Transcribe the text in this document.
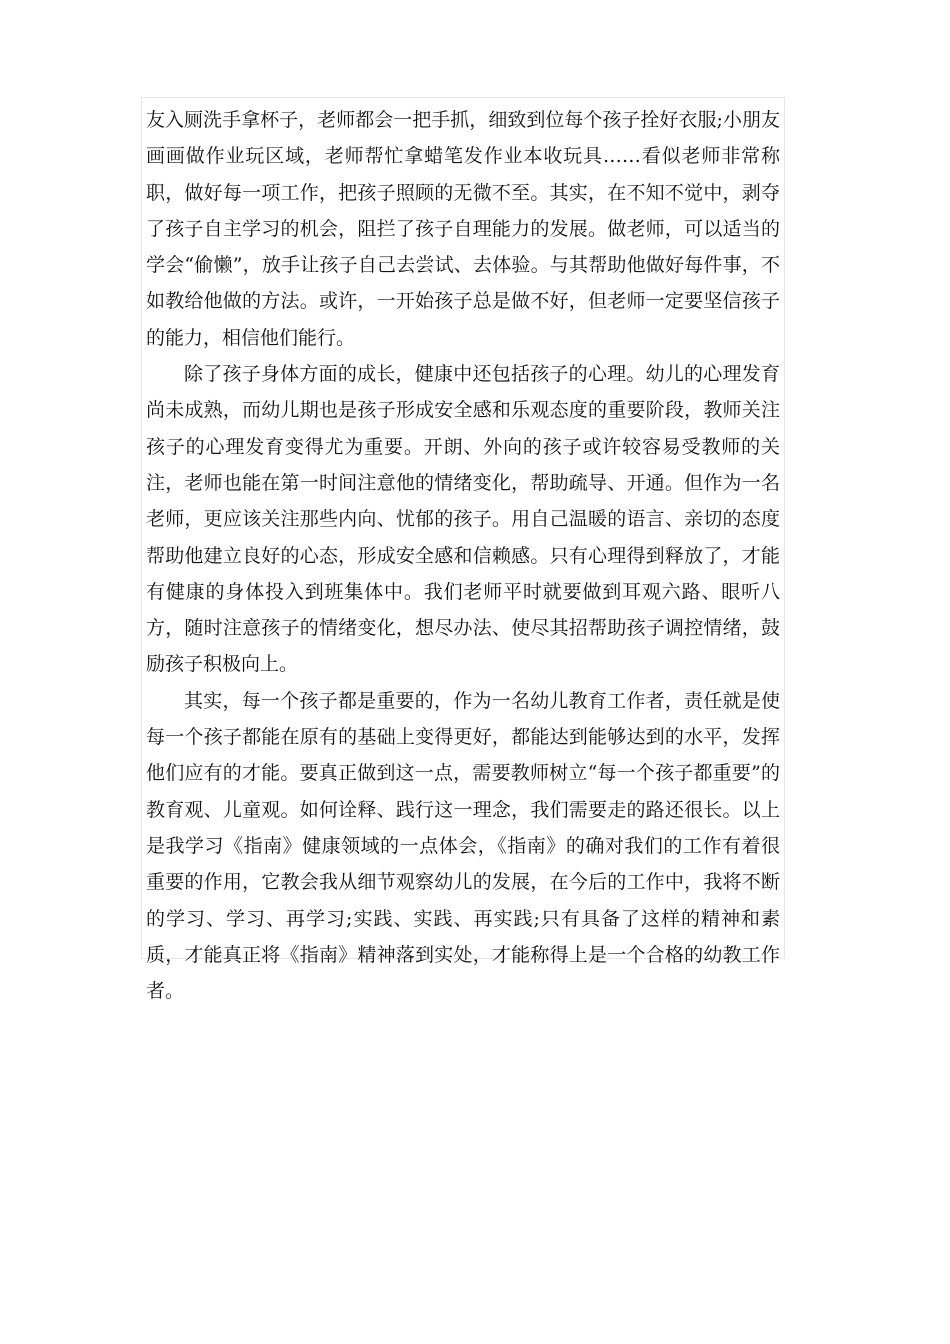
友入厕洗手拿杯子，老师都会一把手抓，细致到位每个孩子拴好衣服;小朋友画画做作业玩区域，老师帮忙拿蜡笔发作业本收玩具……看似老师非常称职，做好每一项工作，把孩子照顾的无微不至。其实，在不知不觉中，剥夺了孩子自主学习的机会，阻拦了孩子自理能力的发展。做老师，可以适当的学会“偷懒”，放手让孩子自己去尝试、去体验。与其帮助他做好每件事，不如教给他做的方法。或许，一开始孩子总是做不好，但老师一定要坚信孩子的能力，相信他们能行。

除了孩子身体方面的成长，健康中还包括孩子的心理。幼儿的心理发育尚未成熟，而幼儿期也是孩子形成安全感和乐观态度的重要阶段，教师关注孩子的心理发育变得尤为重要。开朗、外向的孩子或许较容易受教师的关注，老师也能在第一时间注意他的情绪变化，帮助疏导、开通。但作为一名老师，更应该关注那些内向、忧郁的孩子。用自己温暖的语言、亲切的态度帮助他建立良好的心态，形成安全感和信赖感。只有心理得到释放了，才能有健康的身体投入到班集体中。我们老师平时就要做到耳观六路、眼听八方，随时注意孩子的情绪变化，想尽办法、使尽其招帮助孩子调控情绪，鼓励孩子积极向上。

其实，每一个孩子都是重要的，作为一名幼儿教育工作者，责任就是使每一个孩子都能在原有的基础上变得更好，都能达到能够达到的水平，发挥他们应有的才能。要真正做到这一点，需要教师树立“每一个孩子都重要”的教育观、儿童观。如何诠释、践行这一理念，我们需要走的路还很长。以上是我学习《指南》健康领域的一点体会，《指南》的确对我们的工作有着很重要的作用，它教会我从细节观察幼儿的发展，在今后的工作中，我将不断的学习、学习、再学习;实践、实践、再实践;只有具备了这样的精神和素质，才能真正将《指南》精神落到实处，才能称得上是一个合格的幼教工作者。
